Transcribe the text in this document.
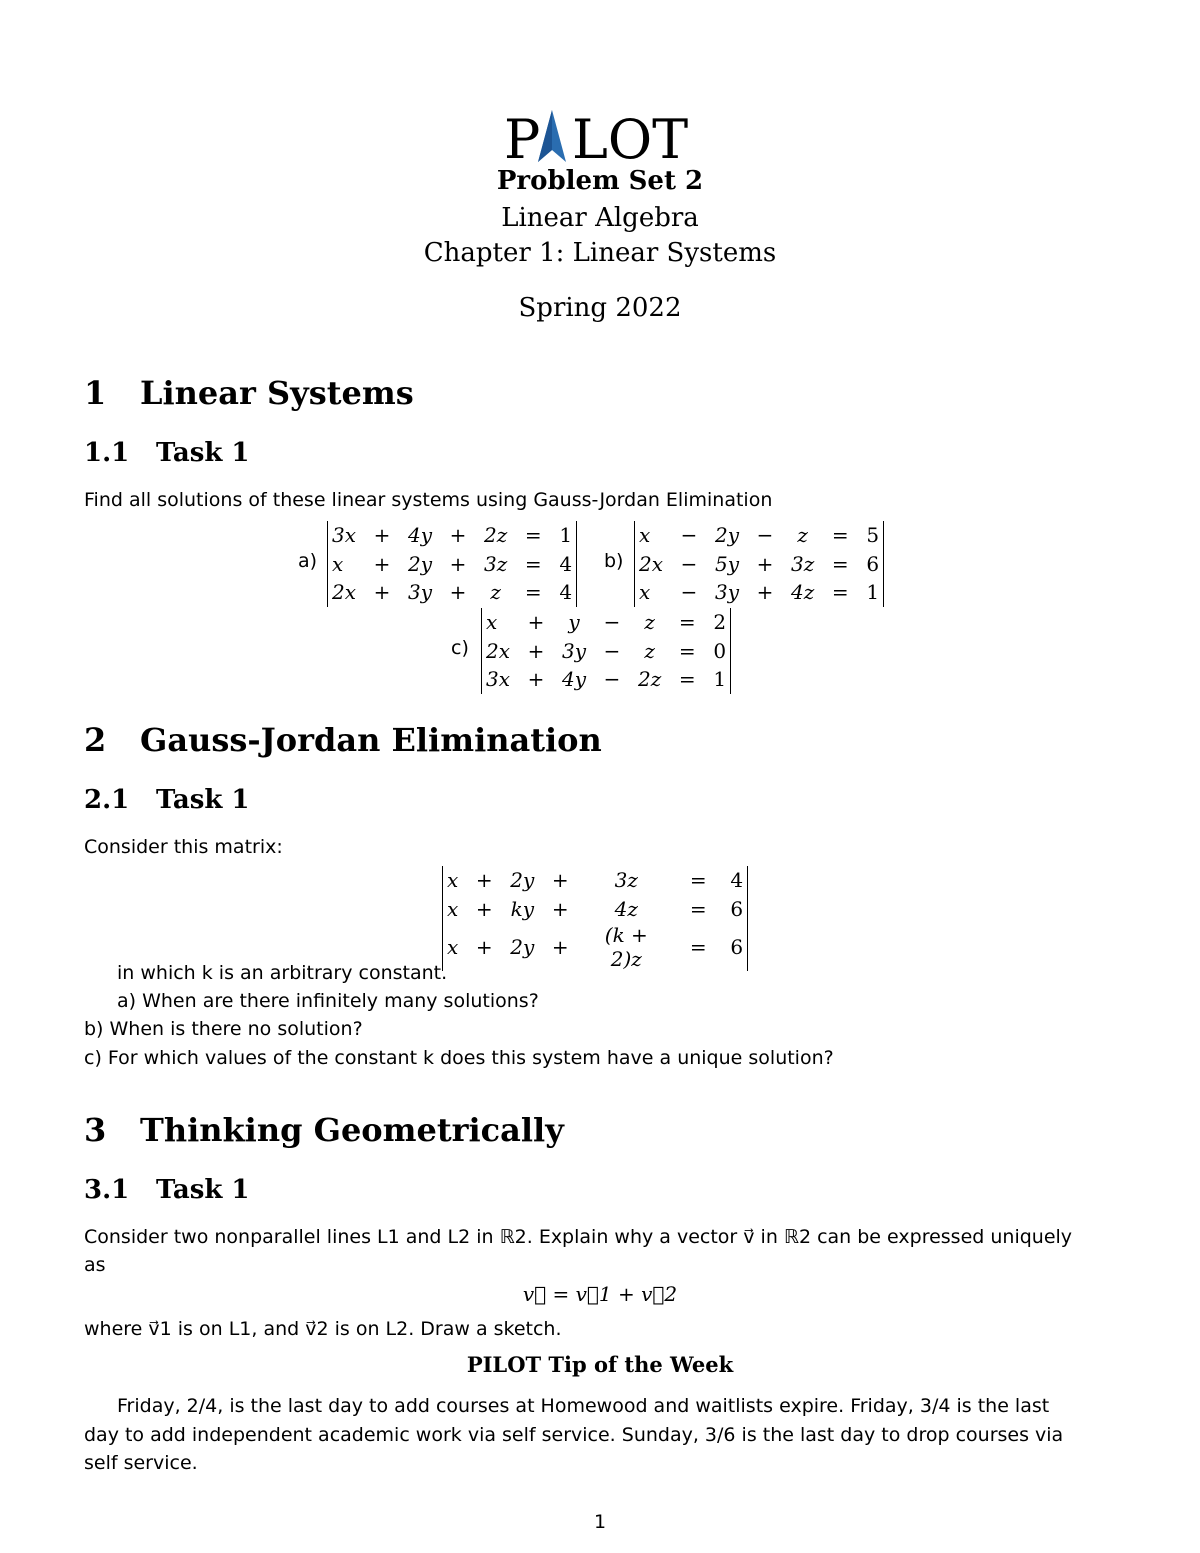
P LOT
Problem Set 2
Linear Algebra
Chapter 1: Linear Systems
Spring 2022
1 Linear Systems
1.1 Task 1
Find all solutions of these linear systems using Gauss-Jordan Elimination
a)
3x	+	4y	+	2z	=	1
x	+	2y	+	3z	=	4
2x	+	3y	+	z	=	4
b)
x	−	2y	−	z	=	5
2x	−	5y	+	3z	=	6
x	−	3y	+	4z	=	1
c)
x	+	y	−	z	=	2
2x	+	3y	−	z	=	0
3x	+	4y	−	2z	=	1
2 Gauss-Jordan Elimination
2.1 Task 1
Consider this matrix:
x	+	2y	+	3z	=	4
x	+	ky	+	4z	=	6
x	+	2y	+	(k + 2)z	=	6
in which k is an arbitrary constant.
a) When are there infinitely many solutions?
b) When is there no solution?
c) For which values of the constant k does this system have a unique solution?
3 Thinking Geometrically
3.1 Task 1
Consider two nonparallel lines L1 and L2 in ℝ2. Explain why a vector v⃗ in ℝ2 can be expressed uniquely
as
v⃗ = v⃗1 + v⃗2
where v⃗1 is on L1, and v⃗2 is on L2. Draw a sketch.
PILOT Tip of the Week
Friday, 2/4, is the last day to add courses at Homewood and waitlists expire. Friday, 3/4 is the last
day to add independent academic work via self service. Sunday, 3/6 is the last day to drop courses via
self service.
1
